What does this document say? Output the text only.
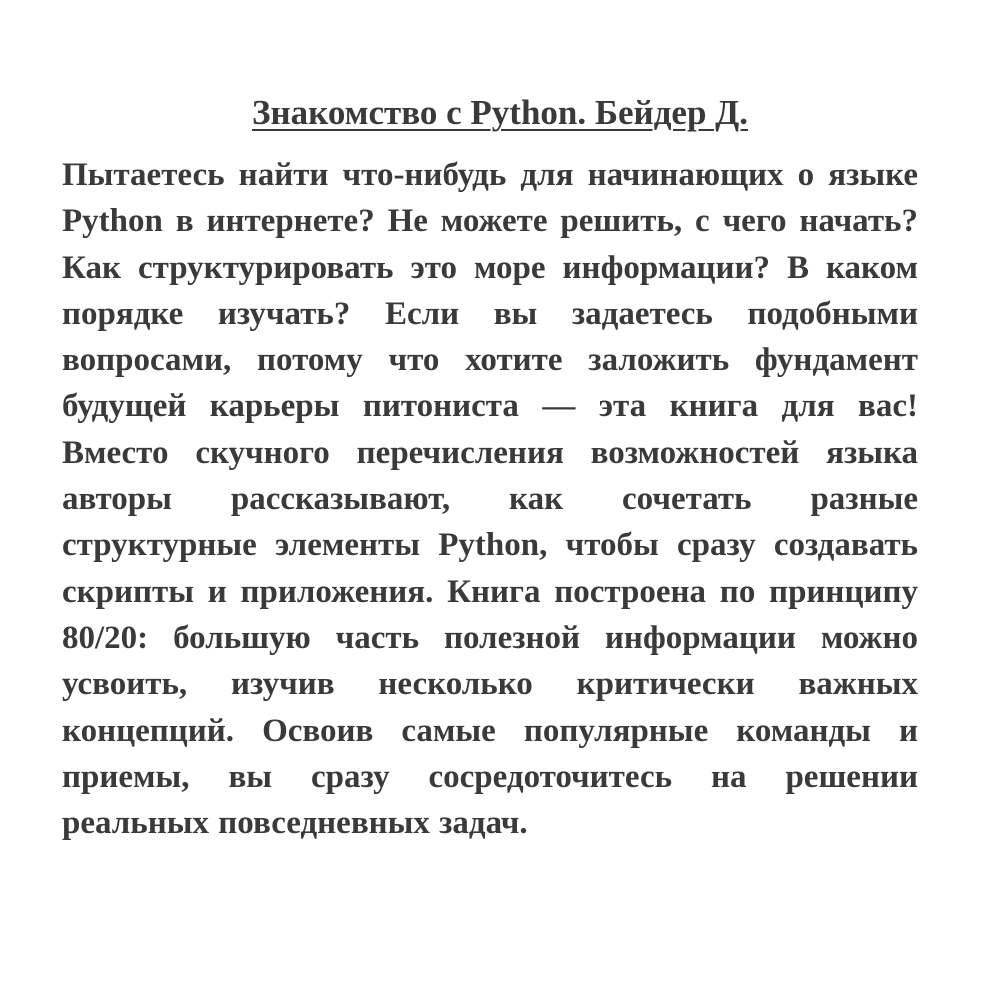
Знакомство с Python. Бейдер Д.

Пытаетесь найти что-нибудь для начинающих о языке Python в интернете? Не можете решить, с чего начать? Как структурировать это море информации? В каком порядке изучать? Если вы задаетесь подобными вопросами, потому что хотите заложить фундамент будущей карьеры питониста — эта книга для вас! Вместо скучного перечисления возможностей языка авторы рассказывают, как сочетать разные структурные элементы Python, чтобы сразу создавать скрипты и приложения. Книга построена по принципу 80/20: большую часть полезной информации можно усвоить, изучив несколько критически важных концепций. Освоив самые популярные команды и приемы, вы сразу сосредоточитесь на решении реальных повседневных задач.
